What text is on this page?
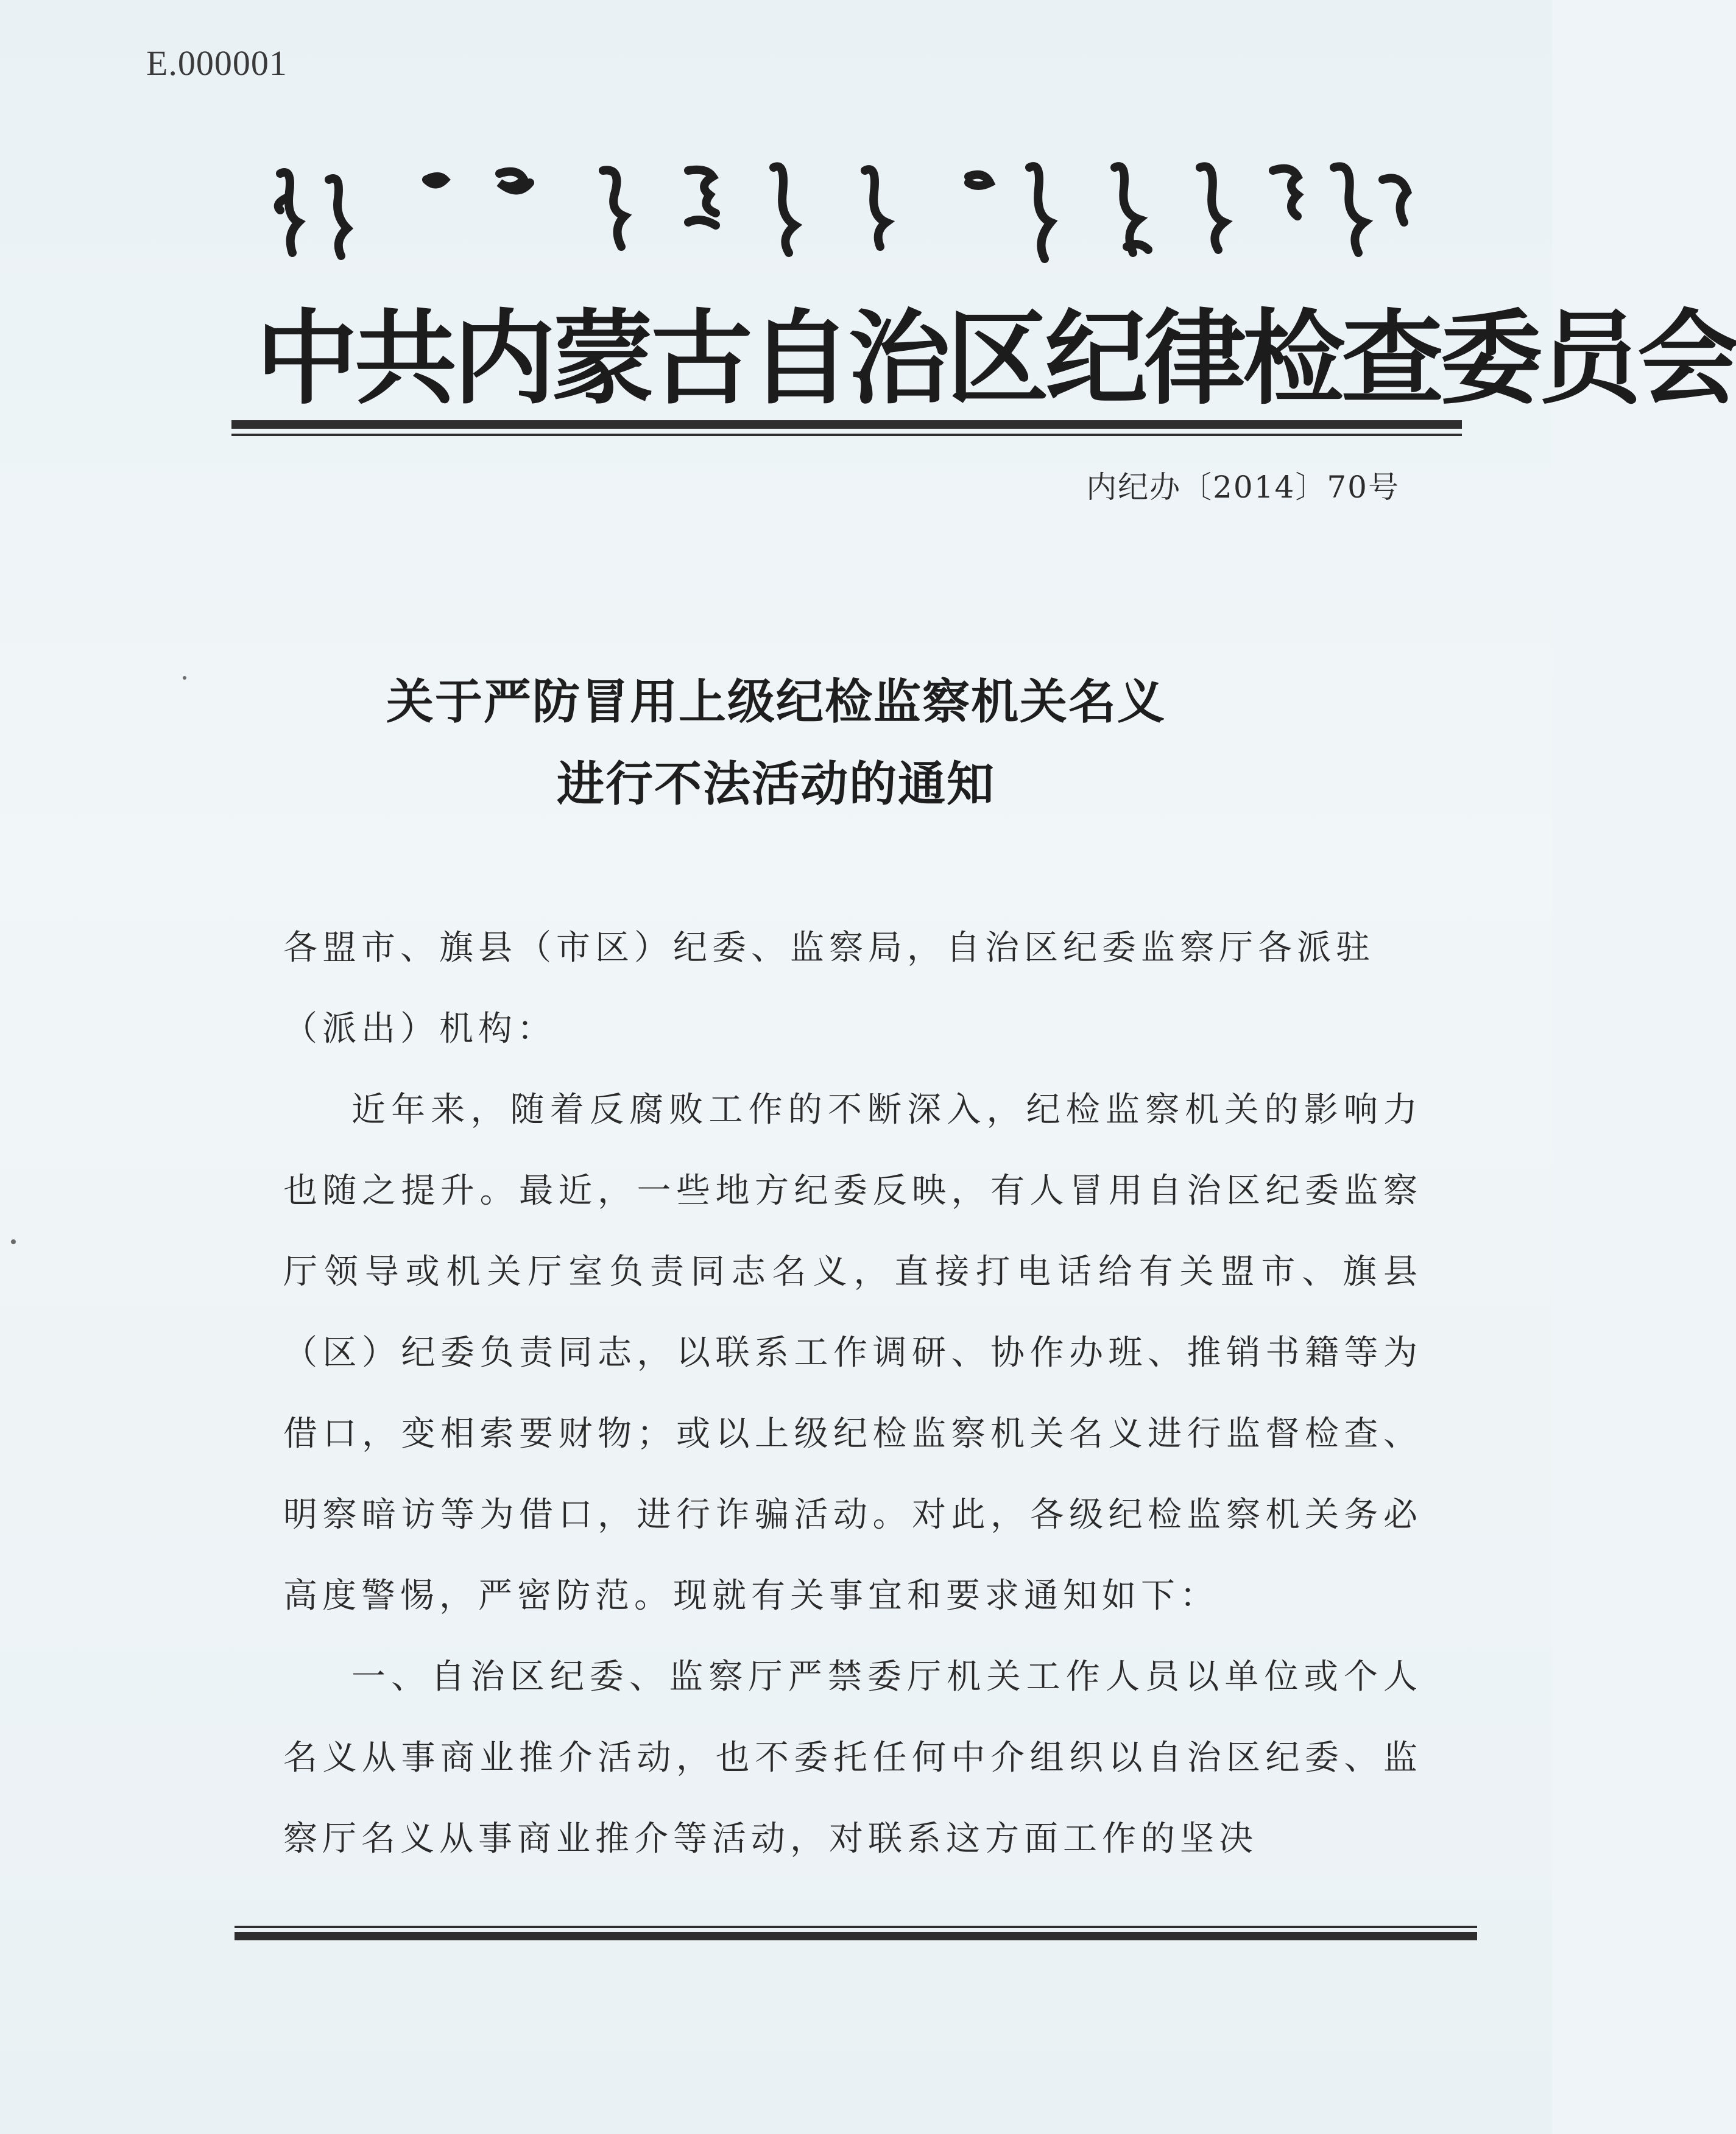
E.000001
中共内蒙古自治区纪律检查委员会
内纪办〔2014〕70号
关于严防冒用上级纪检监察机关名义
进行不法活动的通知

各盟市、旗县（市区）纪委、监察局，自治区纪委监察厅各派驻

（派出）机构：

近年来，随着反腐败工作的不断深入，纪检监察机关的影响力也随之提升。最近，一些地方纪委反映，有人冒用自治区纪委监察厅领导或机关厅室负责同志名义，直接打电话给有关盟市、旗县（区）纪委负责同志，以联系工作调研、协作办班、推销书籍等为借口，变相索要财物；或以上级纪检监察机关名义进行监督检查、明察暗访等为借口，进行诈骗活动。对此，各级纪检监察机关务必高度警惕，严密防范。现就有关事宜和要求通知如下：

一、自治区纪委、监察厅严禁委厅机关工作人员以单位或个人名义从事商业推介活动，也不委托任何中介组织以自治区纪委、监察厅名义从事商业推介等活动，对联系这方面工作的坚决
